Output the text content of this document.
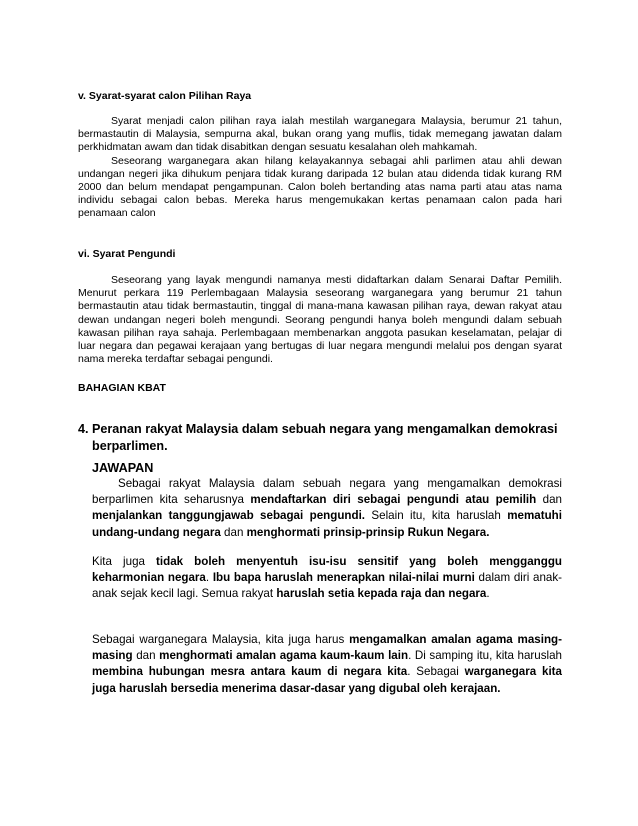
v. Syarat-syarat calon Pilihan Raya

Syarat menjadi calon pilihan raya ialah mestilah warganegara Malaysia, berumur 21 tahun, bermastautin di Malaysia, sempurna akal, bukan orang yang muflis, tidak memegang jawatan dalam perkhidmatan awam dan tidak disabitkan dengan sesuatu kesalahan oleh mahkamah.

Seseorang warganegara akan hilang kelayakannya sebagai ahli parlimen atau ahli dewan undangan negeri jika dihukum penjara tidak kurang daripada 12 bulan atau didenda tidak kurang RM 2000 dan belum mendapat pengampunan. Calon boleh bertanding atas nama parti atau atas nama individu sebagai calon bebas. Mereka harus mengemukakan kertas penamaan calon pada hari penamaan calon

vi. Syarat Pengundi

Seseorang yang layak mengundi namanya mesti didaftarkan dalam Senarai Daftar Pemilih. Menurut perkara 119 Perlembagaan Malaysia seseorang warganegara yang berumur 21 tahun bermastautin atau tidak bermastautin, tinggal di mana-mana kawasan pilihan raya, dewan rakyat atau dewan undangan negeri boleh mengundi. Seorang pengundi hanya boleh mengundi dalam sebuah kawasan pilihan raya sahaja. Perlembagaan membenarkan anggota pasukan keselamatan, pelajar di luar negara dan pegawai kerajaan yang bertugas di luar negara mengundi melalui pos dengan syarat nama mereka terdaftar sebagai pengundi.

BAHAGIAN KBAT
4. Peranan rakyat Malaysia dalam sebuah negara yang mengamalkan demokrasi
berparlimen.
JAWAPAN

Sebagai rakyat Malaysia dalam sebuah negara yang mengamalkan demokrasi berparlimen kita seharusnya mendaftarkan diri sebagai pengundi atau pemilih dan menjalankan tanggungjawab sebagai pengundi. Selain itu, kita haruslah mematuhi undang-undang negara dan menghormati prinsip-prinsip Rukun Negara.

Kita juga tidak boleh menyentuh isu-isu sensitif yang boleh mengganggu keharmonian negara. Ibu bapa haruslah menerapkan nilai-nilai murni dalam diri anak-anak sejak kecil lagi. Semua rakyat haruslah setia kepada raja dan negara.

Sebagai warganegara Malaysia, kita juga harus mengamalkan amalan agama masing-masing dan menghormati amalan agama kaum-kaum lain. Di samping itu, kita haruslah membina hubungan mesra antara kaum di negara kita. Sebagai warganegara kita juga haruslah bersedia menerima dasar-dasar yang digubal oleh kerajaan.
